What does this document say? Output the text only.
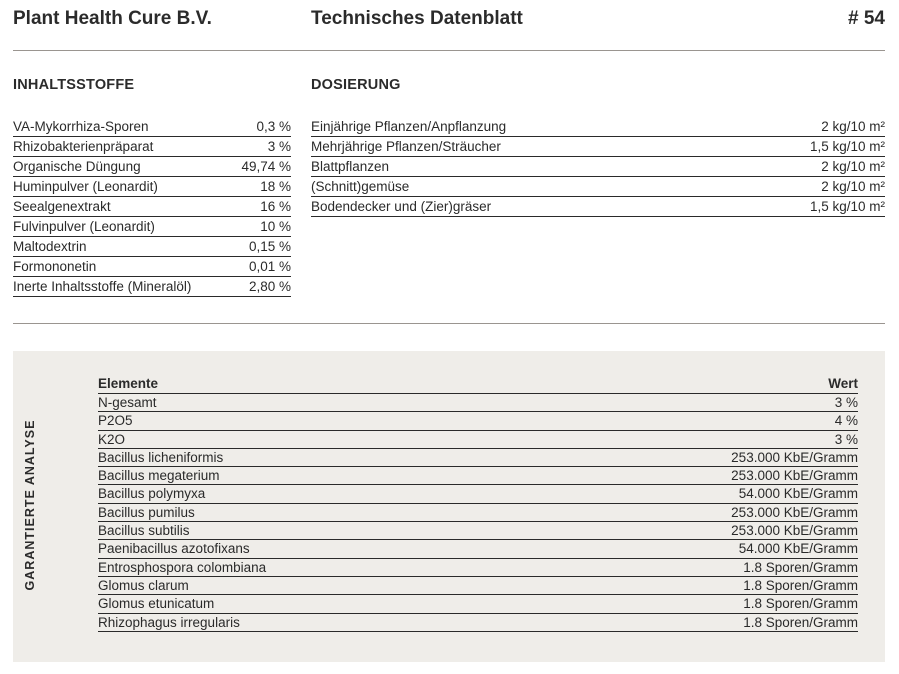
Plant Health Cure B.V.	Technisches Datenblatt	# 54
INHALTSSTOFFE	DOSIERUNG
VA-Mykorrhiza-Sporen	0,3 %
Rhizobakterienpräparat	3 %
Organische Düngung	49,74 %
Huminpulver (Leonardit)	18 %
Seealgenextrakt	16 %
Fulvinpulver (Leonardit)	10 %
Maltodextrin	0,15 %
Formononetin	0,01 %
Inerte Inhaltsstoffe (Mineralöl)	2,80 %
Einjährige Pflanzen/Anpflanzung	2 kg/10 m²
Mehrjährige Pflanzen/Sträucher	1,5 kg/10 m²
Blattpflanzen	2 kg/10 m²
(Schnitt)gemüse	2 kg/10 m²
Bodendecker und (Zier)gräser	1,5 kg/10 m²
GARANTIERTE ANALYSE
Elemente	Wert
N-gesamt	3 %
P2O5	4 %
K2O	3 %
Bacillus licheniformis	253.000 KbE/Gramm
Bacillus megaterium	253.000 KbE/Gramm
Bacillus polymyxa	54.000 KbE/Gramm
Bacillus pumilus	253.000 KbE/Gramm
Bacillus subtilis	253.000 KbE/Gramm
Paenibacillus azotofixans	54.000 KbE/Gramm
Entrosphospora colombiana	1.8 Sporen/Gramm
Glomus clarum	1.8 Sporen/Gramm
Glomus etunicatum	1.8 Sporen/Gramm
Rhizophagus irregularis	1.8 Sporen/Gramm
